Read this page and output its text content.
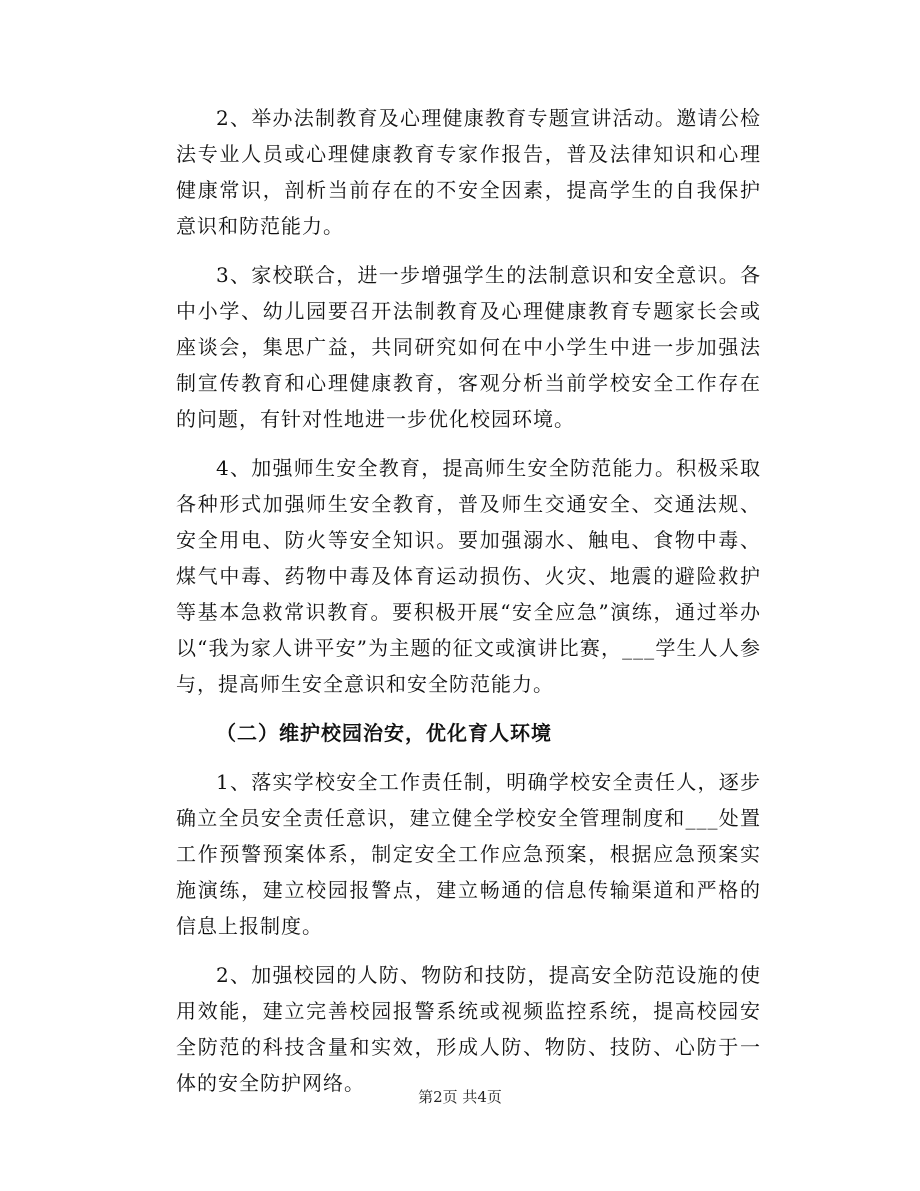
2、举办法制教育及心理健康教育专题宣讲活动。邀请公检法专业人员或心理健康教育专家作报告，普及法律知识和心理健康常识，剖析当前存在的不安全因素，提高学生的自我保护意识和防范能力。

3、家校联合，进一步增强学生的法制意识和安全意识。各中小学、幼儿园要召开法制教育及心理健康教育专题家长会或座谈会，集思广益，共同研究如何在中小学生中进一步加强法制宣传教育和心理健康教育，客观分析当前学校安全工作存在的问题，有针对性地进一步优化校园环境。

4、加强师生安全教育，提高师生安全防范能力。积极采取各种形式加强师生安全教育，普及师生交通安全、交通法规、安全用电、防火等安全知识。要加强溺水、触电、食物中毒、煤气中毒、药物中毒及体育运动损伤、火灾、地震的避险救护等基本急救常识教育。要积极开展“安全应急”演练，通过举办以“我为家人讲平安”为主题的征文或演讲比赛，___学生人人参与，提高师生安全意识和安全防范能力。

（二）维护校园治安，优化育人环境

1、落实学校安全工作责任制，明确学校安全责任人，逐步确立全员安全责任意识，建立健全学校安全管理制度和___处置工作预警预案体系，制定安全工作应急预案，根据应急预案实施演练，建立校园报警点，建立畅通的信息传输渠道和严格的信息上报制度。

2、加强校园的人防、物防和技防，提高安全防范设施的使用效能，建立完善校园报警系统或视频监控系统，提高校园安全防范的科技含量和实效，形成人防、物防、技防、心防于一体的安全防护网络。

第2页 共4页
